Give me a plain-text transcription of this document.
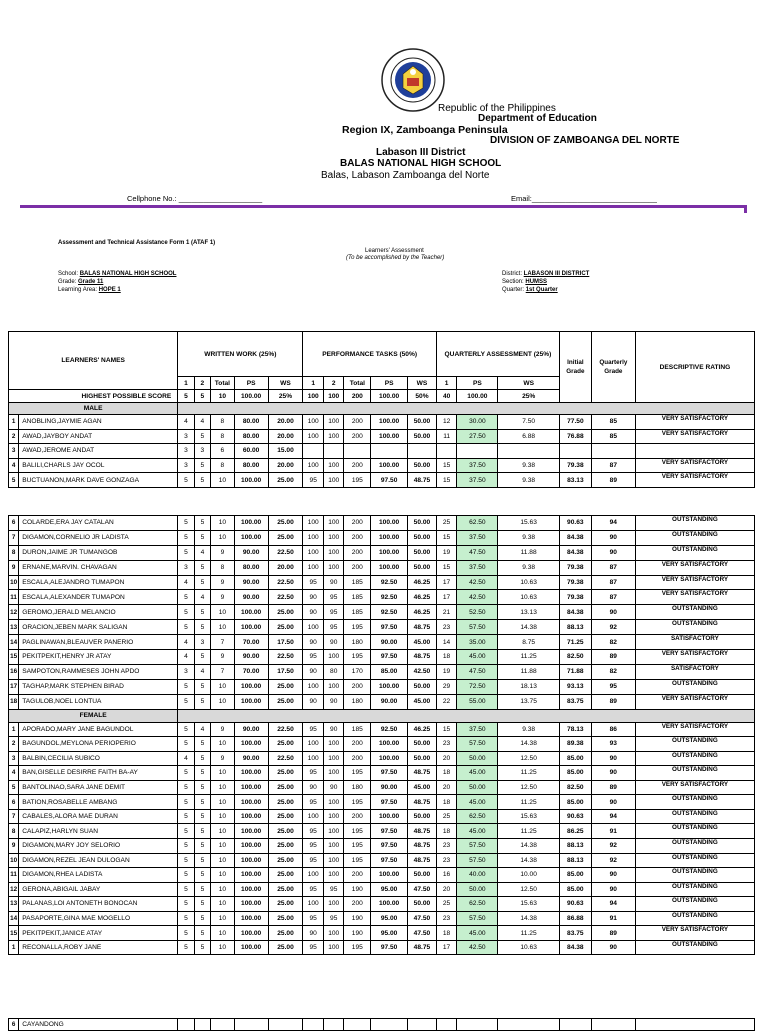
Republic of the Philippines
Department of Education
Region IX, Zamboanga Peninsula
DIVISION OF ZAMBOANGA DEL NORTE
Labason III District
BALAS NATIONAL HIGH SCHOOL
Balas, Labason Zamboanga del Norte
Cellphone No.: ____________________	Email:______________________________
Assessment and Technical Assistance Form 1 (ATAF 1)
Learners' Assessment
(To be accomplished by the Teacher)
School: BALAS NATIONAL HIGH SCHOOL
Grade: Grade 11
Learning Area: HOPE 1
District: LABASON III DISTRICT
Section: HUMSS
Quarter: 1st Quarter
LEARNERS' NAMES		WRITTEN WORK (25%)					PERFORMANCE TASKS (50%)					QUARTERLY ASSESSMENT (25%)			Initial Grade	Quarterly Grade	DESCRIPTIVE RATING
		1	2	Total	PS	WS	1	2	Total	PS	WS	1	PS	WS			
HIGHEST POSSIBLE SCORE		5	5	10	100.00	25%	100	100	200	100.00	50%	40	100.00	25%			
MALE																	
1	ANOBLING,JAYMIE AGAN	4	4	8	80.00	20.00	100	100	200	100.00	50.00	12	30.00	7.50	77.50	85	VERY SATISFACTORY
2	AWAD,JAYBOY ANDAT	3	5	8	80.00	20.00	100	100	200	100.00	50.00	11	27.50	6.88	76.88	85	VERY SATISFACTORY
3	AWAD,JEROME ANDAT	3	3	6	60.00	15.00											
4	BALILI,CHARLS JAY OCOL	3	5	8	80.00	20.00	100	100	200	100.00	50.00	15	37.50	9.38	79.38	87	VERY SATISFACTORY
5	BUCTUANON,MARK DAVE GONZAGA	5	5	10	100.00	25.00	95	100	195	97.50	48.75	15	37.50	9.38	83.13	89	VERY SATISFACTORY
6	COLARDE,ERA JAY CATALAN	5	5	10	100.00	25.00	100	100	200	100.00	50.00	25	62.50	15.63	90.63	94	OUTSTANDING
7	DIGAMON,CORNELIO JR LADISTA	5	5	10	100.00	25.00	100	100	200	100.00	50.00	15	37.50	9.38	84.38	90	OUTSTANDING
8	DURON,JAIME JR TUMANGOB	5	4	9	90.00	22.50	100	100	200	100.00	50.00	19	47.50	11.88	84.38	90	OUTSTANDING
9	ERNANE,MARVIN. CHAVAGAN	3	5	8	80.00	20.00	100	100	200	100.00	50.00	15	37.50	9.38	79.38	87	VERY SATISFACTORY
10	ESCALA,ALEJANDRO TUMAPON	4	5	9	90.00	22.50	95	90	185	92.50	46.25	17	42.50	10.63	79.38	87	VERY SATISFACTORY
11	ESCALA,ALEXANDER TUMAPON	5	4	9	90.00	22.50	90	95	185	92.50	46.25	17	42.50	10.63	79.38	87	VERY SATISFACTORY
12	GEROMO,JERALD MELANCIO	5	5	10	100.00	25.00	90	95	185	92.50	46.25	21	52.50	13.13	84.38	90	OUTSTANDING
13	ORACION,JEBEN MARK SALIGAN	5	5	10	100.00	25.00	100	95	195	97.50	48.75	23	57.50	14.38	88.13	92	OUTSTANDING
14	PAGLINAWAN,BLEAUVER PANERIO	4	3	7	70.00	17.50	90	90	180	90.00	45.00	14	35.00	8.75	71.25	82	SATISFACTORY
15	PEKITPEKIT,HENRY JR ATAY	4	5	9	90.00	22.50	95	100	195	97.50	48.75	18	45.00	11.25	82.50	89	VERY SATISFACTORY
16	SAMPOTON,RAMMESES JOHN APDO	3	4	7	70.00	17.50	90	80	170	85.00	42.50	19	47.50	11.88	71.88	82	SATISFACTORY
17	TAGHAP,MARK STEPHEN BIRAD	5	5	10	100.00	25.00	100	100	200	100.00	50.00	29	72.50	18.13	93.13	95	OUTSTANDING
18	TAGULOB,NOEL LONTUA	5	5	10	100.00	25.00	90	90	180	90.00	45.00	22	55.00	13.75	83.75	89	VERY SATISFACTORY
FEMALE																	
1	APORADO,MARY JANE BAGUNDOL	5	4	9	90.00	22.50	95	90	185	92.50	46.25	15	37.50	9.38	78.13	86	VERY SATISFACTORY
2	BAGUNDOL,MEYLONA PERIOPERIO	5	5	10	100.00	25.00	100	100	200	100.00	50.00	23	57.50	14.38	89.38	93	OUTSTANDING
3	BALBIN,CECILIA SUBICO	4	5	9	90.00	22.50	100	100	200	100.00	50.00	20	50.00	12.50	85.00	90	OUTSTANDING
4	BAN,GISELLE DESIRRE FAITH BA-AY	5	5	10	100.00	25.00	95	100	195	97.50	48.75	18	45.00	11.25	85.00	90	OUTSTANDING
5	BANTOLINAO,SARA JANE DEMIT	5	5	10	100.00	25.00	90	90	180	90.00	45.00	20	50.00	12.50	82.50	89	VERY SATISFACTORY
6	BATION,ROSABELLE AMBANG	5	5	10	100.00	25.00	95	100	195	97.50	48.75	18	45.00	11.25	85.00	90	OUTSTANDING
7	CABALES,ALORA MAE DURAN	5	5	10	100.00	25.00	100	100	200	100.00	50.00	25	62.50	15.63	90.63	94	OUTSTANDING
8	CALAPIZ,HARLYN SUAN	5	5	10	100.00	25.00	95	100	195	97.50	48.75	18	45.00	11.25	86.25	91	OUTSTANDING
9	DIGAMON,MARY JOY SELORIO	5	5	10	100.00	25.00	95	100	195	97.50	48.75	23	57.50	14.38	88.13	92	OUTSTANDING
10	DIGAMON,REZEL JEAN DULOGAN	5	5	10	100.00	25.00	95	100	195	97.50	48.75	23	57.50	14.38	88.13	92	OUTSTANDING
11	DIGAMON,RHEA LADISTA	5	5	10	100.00	25.00	100	100	200	100.00	50.00	16	40.00	10.00	85.00	90	OUTSTANDING
12	GERONA,ABIGAIL JABAY	5	5	10	100.00	25.00	95	95	190	95.00	47.50	20	50.00	12.50	85.00	90	OUTSTANDING
13	PALANAS,LOI ANTONETH BONOCAN	5	5	10	100.00	25.00	100	100	200	100.00	50.00	25	62.50	15.63	90.63	94	OUTSTANDING
14	PASAPORTE,GINA MAE MOGELLO	5	5	10	100.00	25.00	95	95	190	95.00	47.50	23	57.50	14.38	86.88	91	OUTSTANDING
15	PEKITPEKIT,JANICE ATAY	5	5	10	100.00	25.00	90	100	190	95.00	47.50	18	45.00	11.25	83.75	89	VERY SATISFACTORY
1	RECONALLA,ROBY JANE	5	5	10	100.00	25.00	95	100	195	97.50	48.75	17	42.50	10.63	84.38	90	OUTSTANDING
6	CAYANDONG																
